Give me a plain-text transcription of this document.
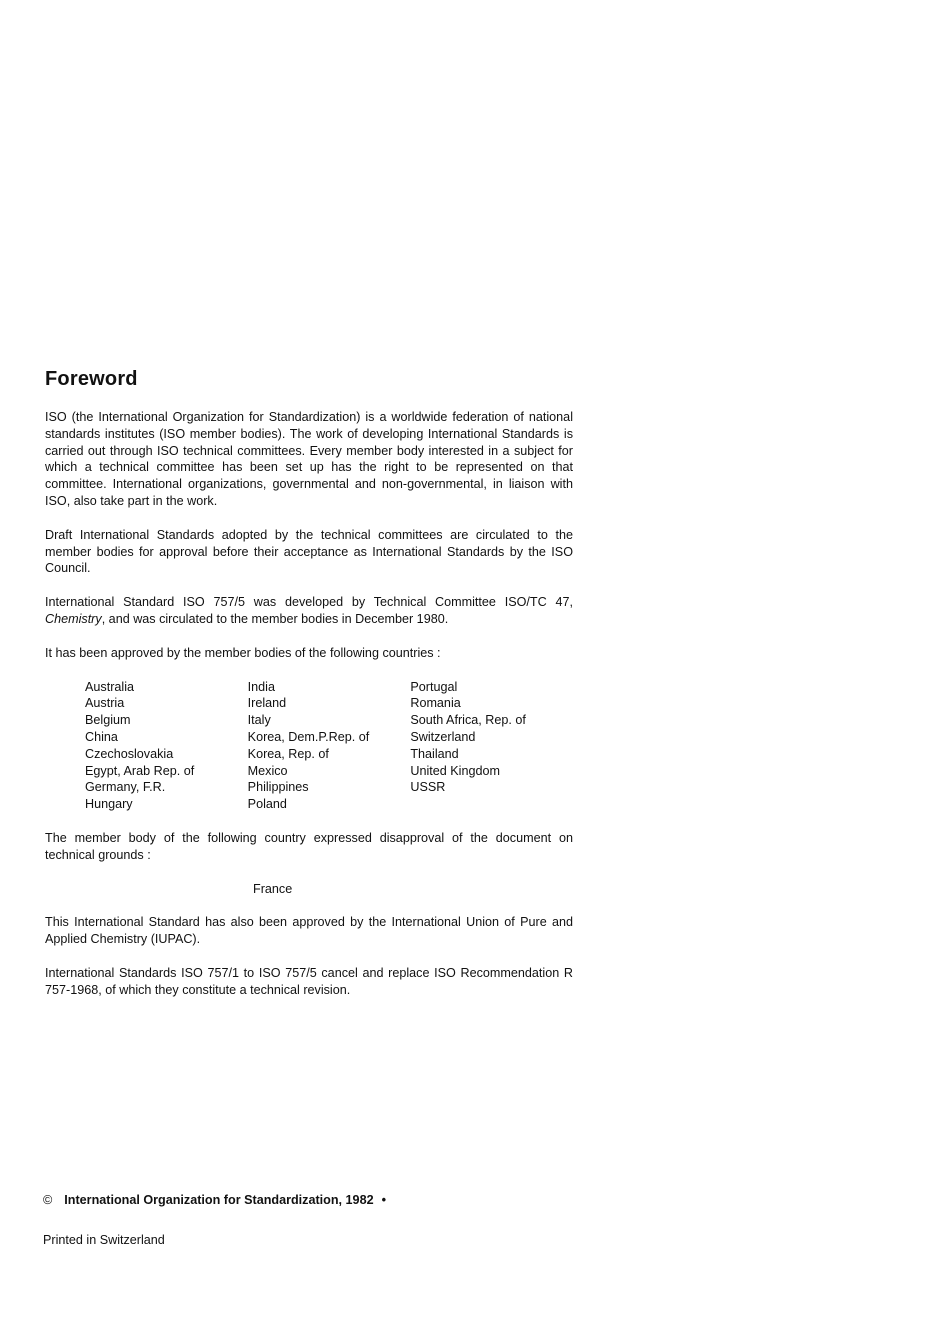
Foreword

ISO (the International Organization for Standardization) is a worldwide federation of national standards institutes (ISO member bodies). The work of developing International Standards is carried out through ISO technical committees. Every member body interested in a subject for which a technical committee has been set up has the right to be represented on that committee. International organizations, governmental and non-governmental, in liaison with ISO, also take part in the work.

Draft International Standards adopted by the technical committees are circulated to the member bodies for approval before their acceptance as International Standards by the ISO Council.

International Standard ISO 757/5 was developed by Technical Committee ISO/TC 47, Chemistry, and was circulated to the member bodies in December 1980.

It has been approved by the member bodies of the following countries :

Australia
Austria
Belgium
China
Czechoslovakia
Egypt, Arab Rep. of
Germany, F.R.
Hungary
India
Ireland
Italy
Korea, Dem.P.Rep. of
Korea, Rep. of
Mexico
Philippines
Poland
Portugal
Romania
South Africa, Rep. of
Switzerland
Thailand
United Kingdom
USSR

The member body of the following country expressed disapproval of the document on technical grounds :

France

This International Standard has also been approved by the International Union of Pure and Applied Chemistry (IUPAC).

International Standards ISO 757/1 to ISO 757/5 cancel and replace ISO Recommendation R 757-1968, of which they constitute a technical revision.

© International Organization for Standardization, 1982 •
Printed in Switzerland
